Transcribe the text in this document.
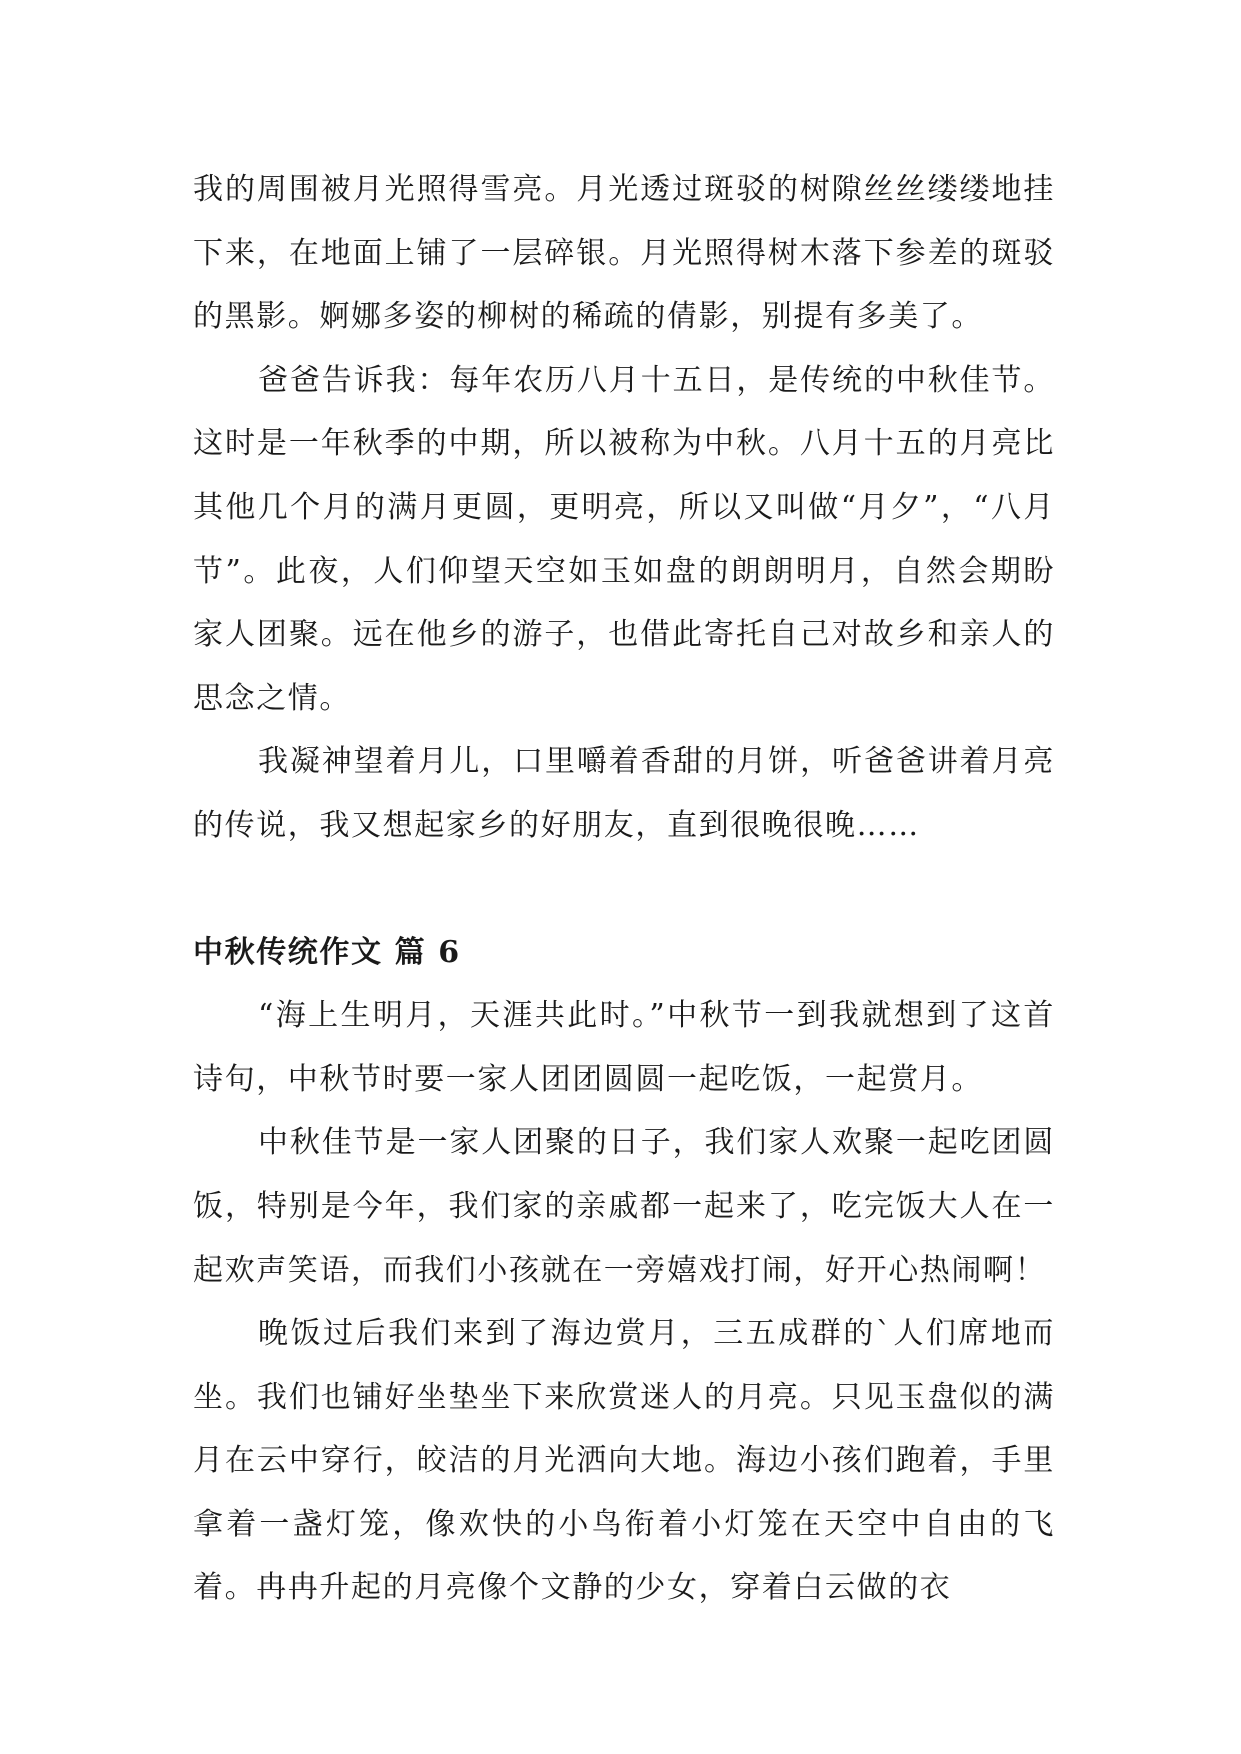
我的周围被月光照得雪亮。月光透过斑驳的树隙丝丝缕缕地挂下来，在地面上铺了一层碎银。月光照得树木落下参差的斑驳的黑影。婀娜多姿的柳树的稀疏的倩影，别提有多美了。

爸爸告诉我：每年农历八月十五日，是传统的中秋佳节。这时是一年秋季的中期，所以被称为中秋。八月十五的月亮比其他几个月的满月更圆，更明亮，所以又叫做“月夕”，“八月节”。此夜，人们仰望天空如玉如盘的朗朗明月，自然会期盼家人团聚。远在他乡的游子，也借此寄托自己对故乡和亲人的思念之情。

我凝神望着月儿，口里嚼着香甜的月饼，听爸爸讲着月亮的传说，我又想起家乡的好朋友，直到很晚很晚……

中秋传统作文 篇 6

“海上生明月，天涯共此时。”中秋节一到我就想到了这首诗句，中秋节时要一家人团团圆圆一起吃饭，一起赏月。

中秋佳节是一家人团聚的日子，我们家人欢聚一起吃团圆饭，特别是今年，我们家的亲戚都一起来了，吃完饭大人在一起欢声笑语，而我们小孩就在一旁嬉戏打闹，好开心热闹啊！

晚饭过后我们来到了海边赏月，三五成群的`人们席地而坐。我们也铺好坐垫坐下来欣赏迷人的月亮。只见玉盘似的满月在云中穿行，皎洁的月光洒向大地。海边小孩们跑着，手里拿着一盏灯笼，像欢快的小鸟衔着小灯笼在天空中自由的飞着。冉冉升起的月亮像个文静的少女，穿着白云做的衣
